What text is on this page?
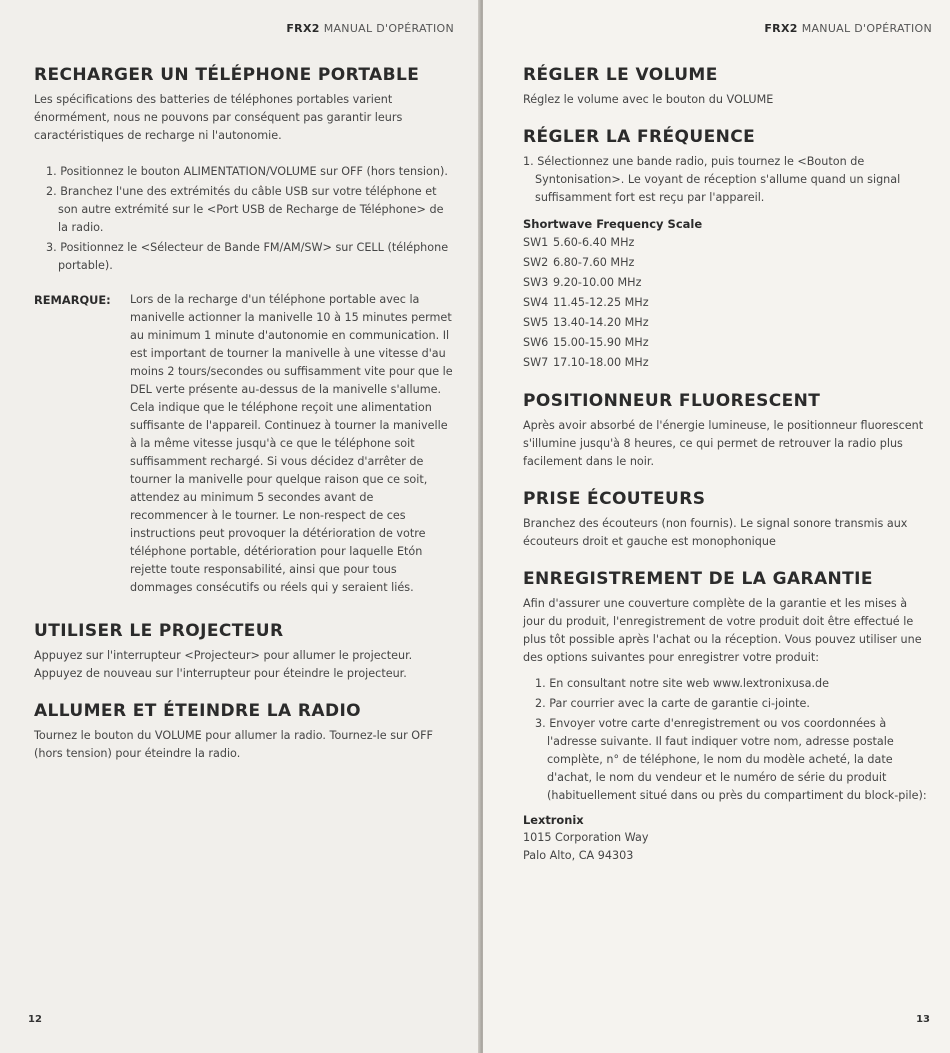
FRX2 MANUAL D'OPÉRATION
RECHARGER UN TÉLÉPHONE PORTABLE

Les spécifications des batteries de téléphones portables varient énormément, nous ne pouvons par conséquent pas garantir leurs caractéristiques de recharge ni l'autonomie.

1. Positionnez le bouton ALIMENTATION/VOLUME sur OFF (hors tension).
2. Branchez l'une des extrémités du câble USB sur votre téléphone et son autre extrémité sur le <Port USB de Recharge de Téléphone> de la radio.
3. Positionnez le <Sélecteur de Bande FM/AM/SW> sur CELL (téléphone portable).
REMARQUE:	Lors de la recharge d'un téléphone portable avec la manivelle actionner la manivelle 10 à 15 minutes permet au minimum 1 minute d'autonomie en communication. Il est important de tourner la manivelle à une vitesse d'au moins 2 tours/secondes ou suffisamment vite pour que le DEL verte présente au-dessus de la manivelle s'allume. Cela indique que le téléphone reçoit une alimentation suffisante de l'appareil. Continuez à tourner la manivelle à la même vitesse jusqu'à ce que le téléphone soit suffisamment rechargé. Si vous décidez d'arrêter de tourner la manivelle pour quelque raison que ce soit, attendez au minimum 5 secondes avant de recommencer à le tourner. Le non-respect de ces instructions peut provoquer la détérioration de votre téléphone portable, détérioration pour laquelle Etón rejette toute responsabilité, ainsi que pour tous dommages consécutifs ou réels qui y seraient liés.
UTILISER LE PROJECTEUR

Appuyez sur l'interrupteur <Projecteur> pour allumer le projecteur. Appuyez de nouveau sur l'interrupteur pour éteindre le projecteur.

ALLUMER ET ÉTEINDRE LA RADIO

Tournez le bouton du VOLUME pour allumer la radio. Tournez-le sur OFF (hors tension) pour éteindre la radio.

12
FRX2 MANUAL D'OPÉRATION
RÉGLER LE VOLUME

Réglez le volume avec le bouton du VOLUME

RÉGLER LA FRÉQUENCE

1. Sélectionnez une bande radio, puis tournez le <Bouton de Syntonisation>. Le voyant de réception s'allume quand un signal suffisamment fort est reçu par l'appareil.

Shortwave Frequency Scale
SW1 5.60-6.40 MHz
SW2 6.80-7.60 MHz
SW3 9.20-10.00 MHz
SW4 11.45-12.25 MHz
SW5 13.40-14.20 MHz
SW6 15.00-15.90 MHz
SW7 17.10-18.00 MHz
POSITIONNEUR FLUORESCENT

Après avoir absorbé de l'énergie lumineuse, le positionneur fluorescent s'illumine jusqu'à 8 heures, ce qui permet de retrouver la radio plus facilement dans le noir.

PRISE ÉCOUTEURS

Branchez des écouteurs (non fournis). Le signal sonore transmis aux écouteurs droit et gauche est monophonique

ENREGISTREMENT DE LA GARANTIE

Afin d'assurer une couverture complète de la garantie et les mises à jour du produit, l'enregistrement de votre produit doit être effectué le plus tôt possible après l'achat ou la réception. Vous pouvez utiliser une des options suivantes pour enregistrer votre produit:

1. En consultant notre site web www.lextronixusa.de
2. Par courrier avec la carte de garantie ci-jointe.
3. Envoyer votre carte d'enregistrement ou vos coordonnées à l'adresse suivante. Il faut indiquer votre nom, adresse postale complète, n° de téléphone, le nom du modèle acheté, la date d'achat, le nom du vendeur et le numéro de série du produit (habituellement situé dans ou près du compartiment du block-pile):
Lextronix
1015 Corporation Way
Palo Alto, CA 94303
13
